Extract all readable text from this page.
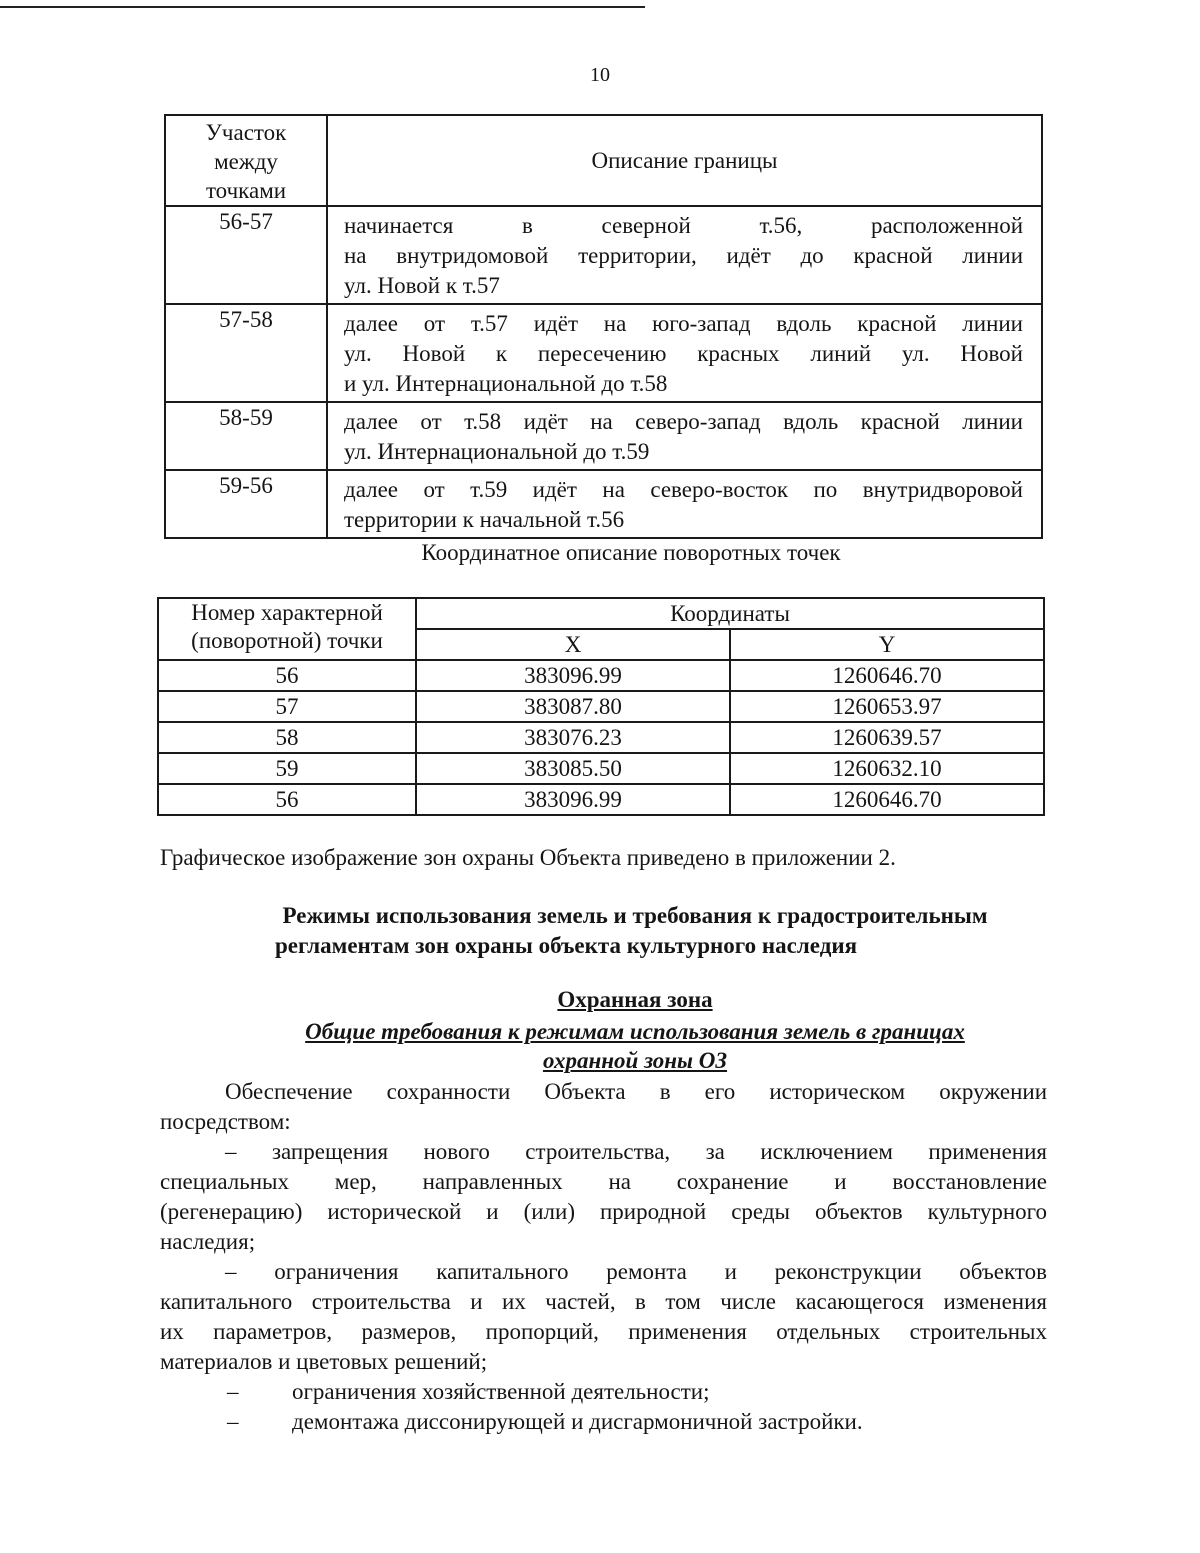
10
Участок
между
точками	Описание границы
56-57	начинается в северной т.56, расположенной
на внутридомовой территории, идёт до красной линии
ул. Новой к т.57

57-58	далее от т.57 идёт на юго-запад вдоль красной линии
ул. Новой к пересечению красных линий ул. Новой
и ул. Интернациональной до т.58

58-59	далее от т.58 идёт на северо-запад вдоль красной линии
ул. Интернациональной до т.59

59-56	далее от т.59 идёт на северо-восток по внутридворовой
территории к начальной т.56
Координатное описание поворотных точек
Номер характерной
(поворотной) точки	Координаты	
	X	Y
56	383096.99	1260646.70
57	383087.80	1260653.97
58	383076.23	1260639.57
59	383085.50	1260632.10
56	383096.99	1260646.70
Графическое изображение зон охраны Объекта приведено в приложении 2.
Режимы использования земель и требования к градостроительным
регламентам зон охраны объекта культурного наследия
Охранная зона
Общие требования к режимам использования земель в границах
охранной зоны ОЗ
Обеспечение сохранности Объекта в его историческом окружении
посредством:
– запрещения нового строительства, за исключением применения
специальных мер, направленных на сохранение и восстановление
(регенерацию) исторической и (или) природной среды объектов культурного
наследия;
– ограничения капитального ремонта и реконструкции объектов
капитального строительства и их частей, в том числе касающегося изменения
их параметров, размеров, пропорций, применения отдельных строительных
материалов и цветовых решений;
– ограничения хозяйственной деятельности;
– демонтажа диссонирующей и дисгармоничной застройки.
